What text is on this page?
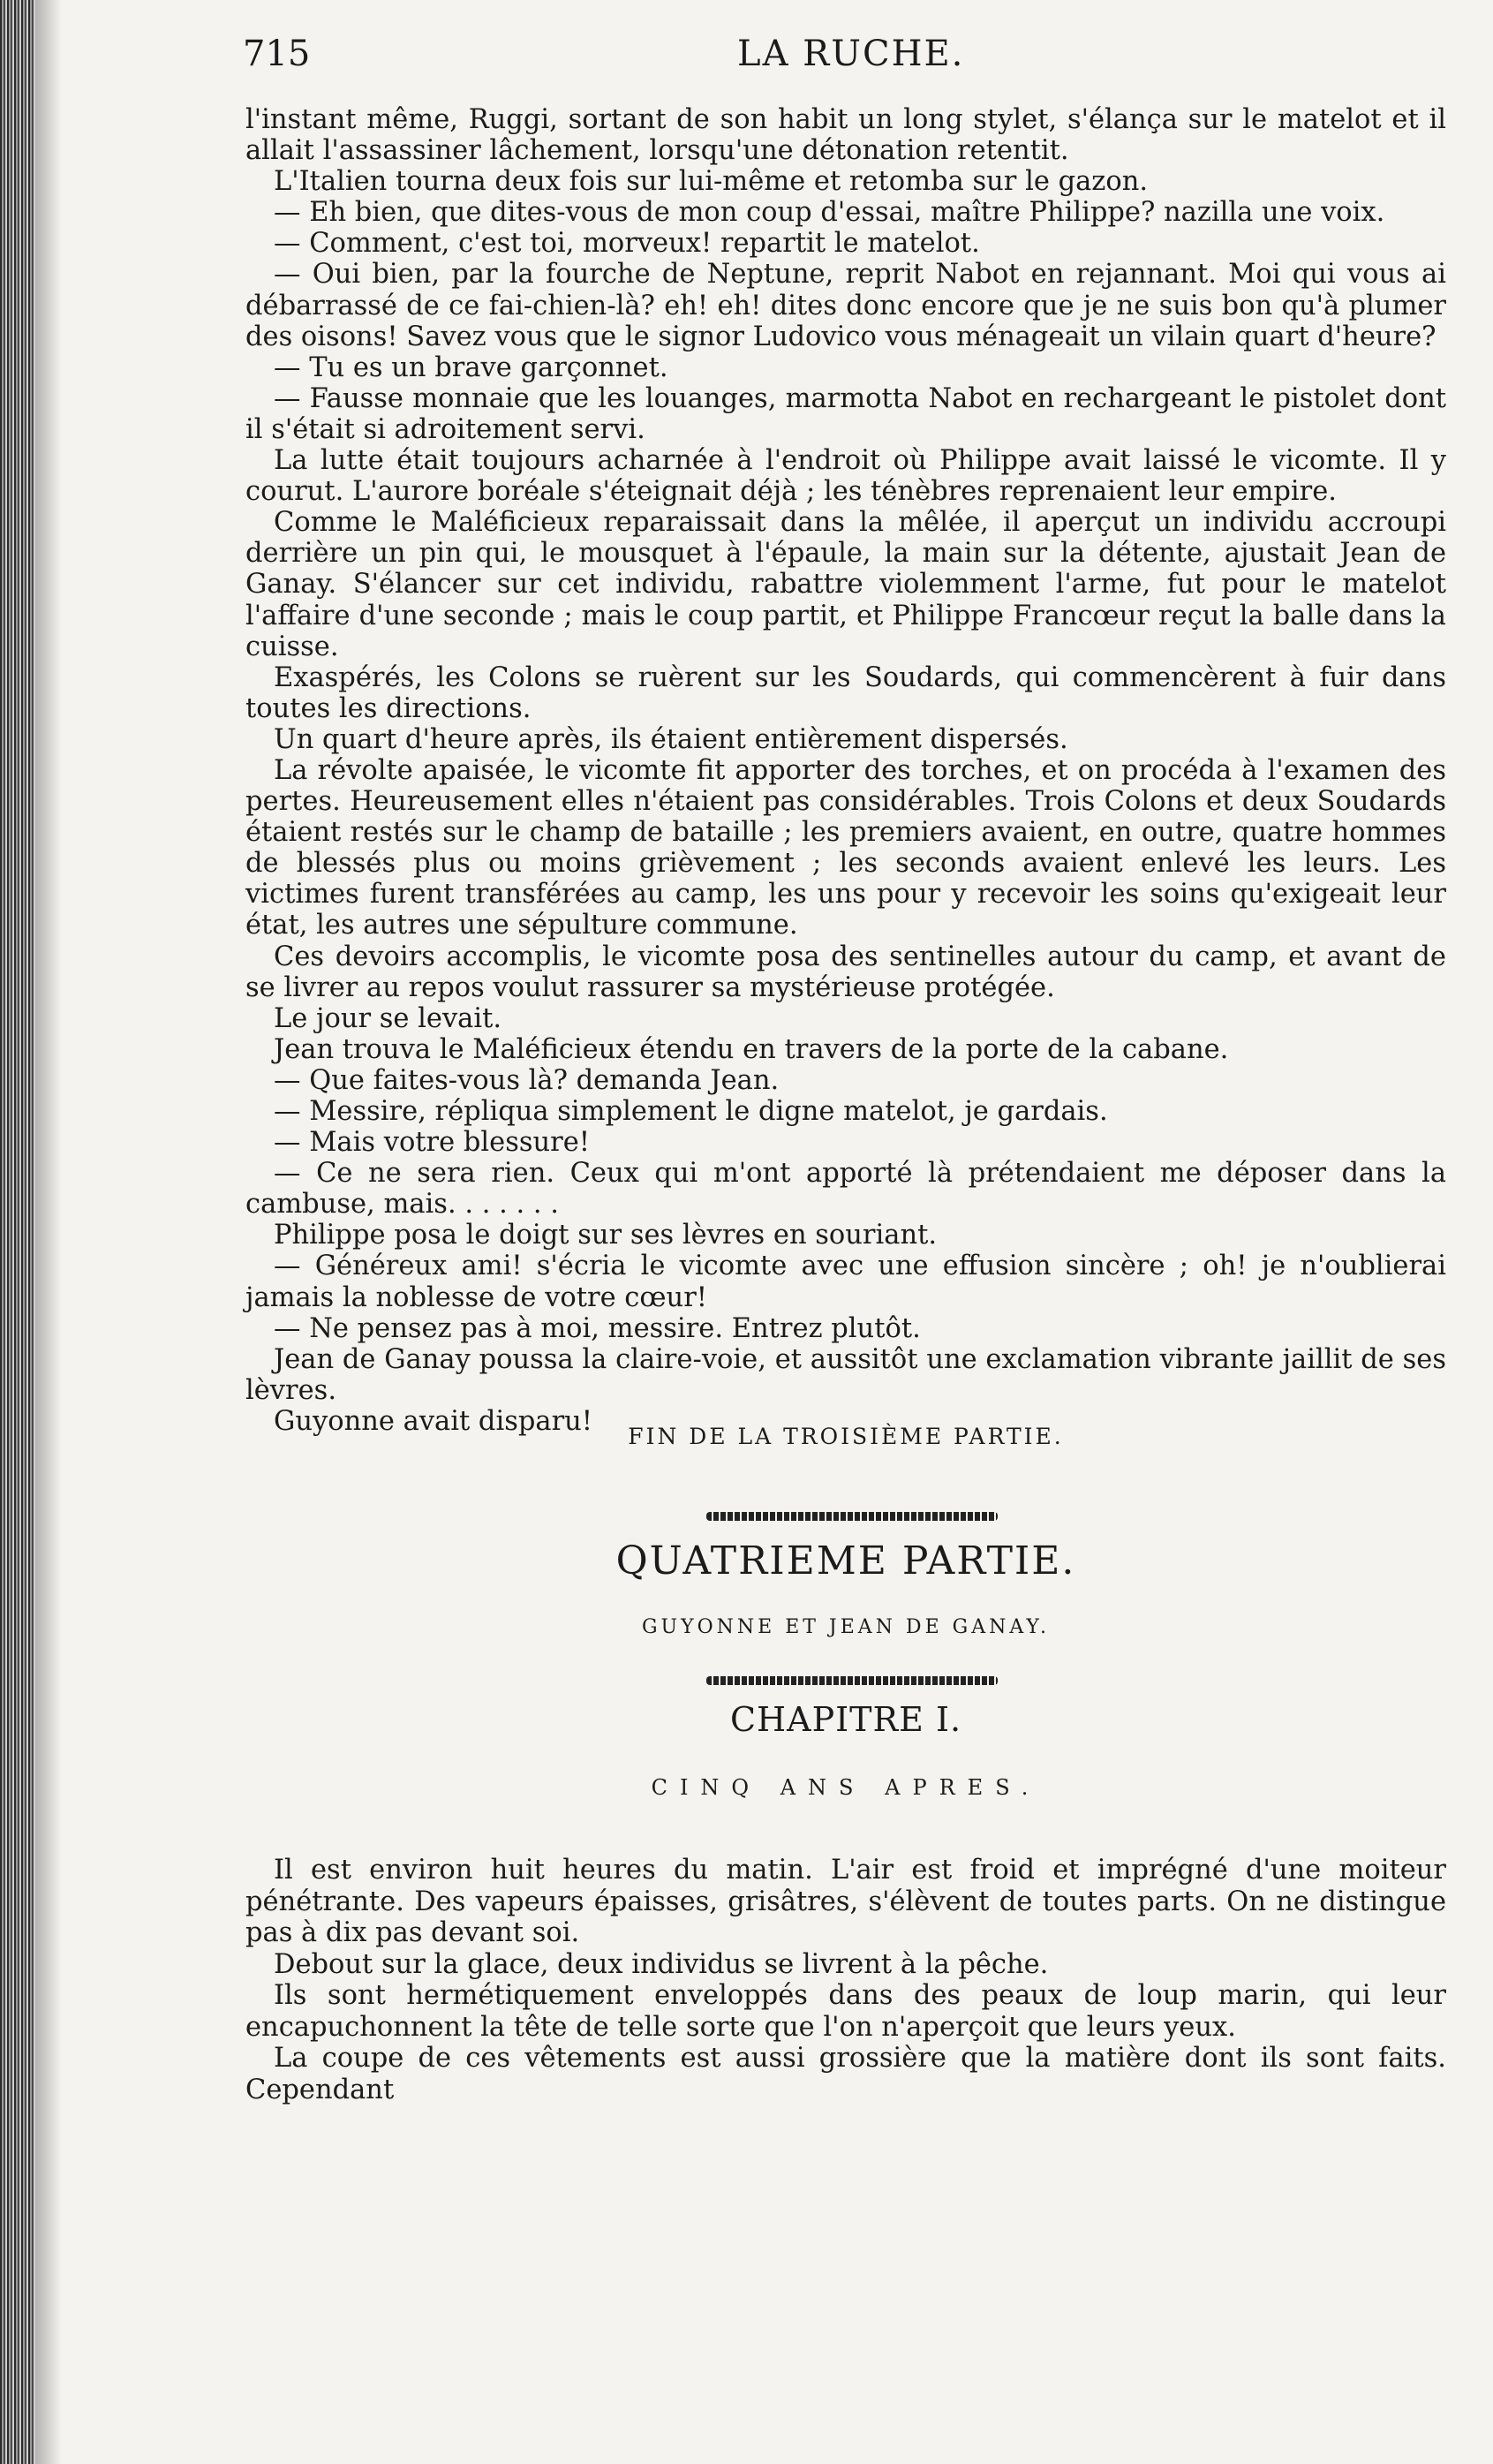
715	LA RUCHE.

l'instant même, Ruggi, sortant de son habit un long stylet, s'élança sur le matelot et il allait l'assassiner lâchement, lorsqu'une détonation retentit.

L'Italien tourna deux fois sur lui-même et retomba sur le gazon.

— Eh bien, que dites-vous de mon coup d'essai, maître Philippe? nazilla une voix.

— Comment, c'est toi, morveux! repartit le matelot.

— Oui bien, par la fourche de Neptune, reprit Nabot en rejannant. Moi qui vous ai débarrassé de ce fai-chien-là? eh! eh! dites donc encore que je ne suis bon qu'à plumer des oisons! Savez vous que le signor Ludovico vous ménageait un vilain quart d'heure?

— Tu es un brave garçonnet.

— Fausse monnaie que les louanges, marmotta Nabot en rechargeant le pistolet dont il s'était si adroitement servi.

La lutte était toujours acharnée à l'endroit où Philippe avait laissé le vicomte. Il y courut. L'aurore boréale s'éteignait déjà ; les ténèbres reprenaient leur empire.

Comme le Maléficieux reparaissait dans la mêlée, il aperçut un individu accroupi derrière un pin qui, le mousquet à l'épaule, la main sur la détente, ajustait Jean de Ganay. S'élancer sur cet individu, rabattre violemment l'arme, fut pour le matelot l'affaire d'une seconde ; mais le coup partit, et Philippe Francœur reçut la balle dans la cuisse.

Exaspérés, les Colons se ruèrent sur les Soudards, qui commencèrent à fuir dans toutes les directions.

Un quart d'heure après, ils étaient entièrement dispersés.

La révolte apaisée, le vicomte fit apporter des torches, et on procéda à l'examen des pertes. Heureusement elles n'étaient pas considérables. Trois Colons et deux Soudards étaient restés sur le champ de bataille ; les premiers avaient, en outre, quatre hommes de blessés plus ou moins grièvement ; les seconds avaient enlevé les leurs. Les victimes furent transférées au camp, les uns pour y recevoir les soins qu'exigeait leur état, les autres une sépulture commune.

Ces devoirs accomplis, le vicomte posa des sentinelles autour du camp, et avant de se livrer au repos voulut rassurer sa mystérieuse protégée.

Le jour se levait.

Jean trouva le Maléficieux étendu en travers de la porte de la cabane.

— Que faites-vous là? demanda Jean.

— Messire, répliqua simplement le digne matelot, je gardais.

— Mais votre blessure!

— Ce ne sera rien. Ceux qui m'ont apporté là prétendaient me déposer dans la cambuse, mais. . . . . . .

Philippe posa le doigt sur ses lèvres en souriant.

— Généreux ami! s'écria le vicomte avec une effusion sincère ; oh! je n'oublierai jamais la noblesse de votre cœur!

— Ne pensez pas à moi, messire. Entrez plutôt.

Jean de Ganay poussa la claire-voie, et aussitôt une exclamation vibrante jaillit de ses lèvres.

Guyonne avait disparu!	FIN DE LA TROISIÈME PARTIE.
QUATRIEME PARTIE.
GUYONNE ET JEAN DE GANAY.
CHAPITRE I.
CINQ ANS APRES.

Il est environ huit heures du matin. L'air est froid et imprégné d'une moiteur pénétrante. Des vapeurs épaisses, grisâtres, s'élèvent de toutes parts. On ne distingue pas à dix pas devant soi.

Debout sur la glace, deux individus se livrent à la pêche.

Ils sont hermétiquement enveloppés dans des peaux de loup marin, qui leur encapuchonnent la tête de telle sorte que l'on n'aperçoit que leurs yeux.

La coupe de ces vêtements est aussi grossière que la matière dont ils sont faits. Cependant
